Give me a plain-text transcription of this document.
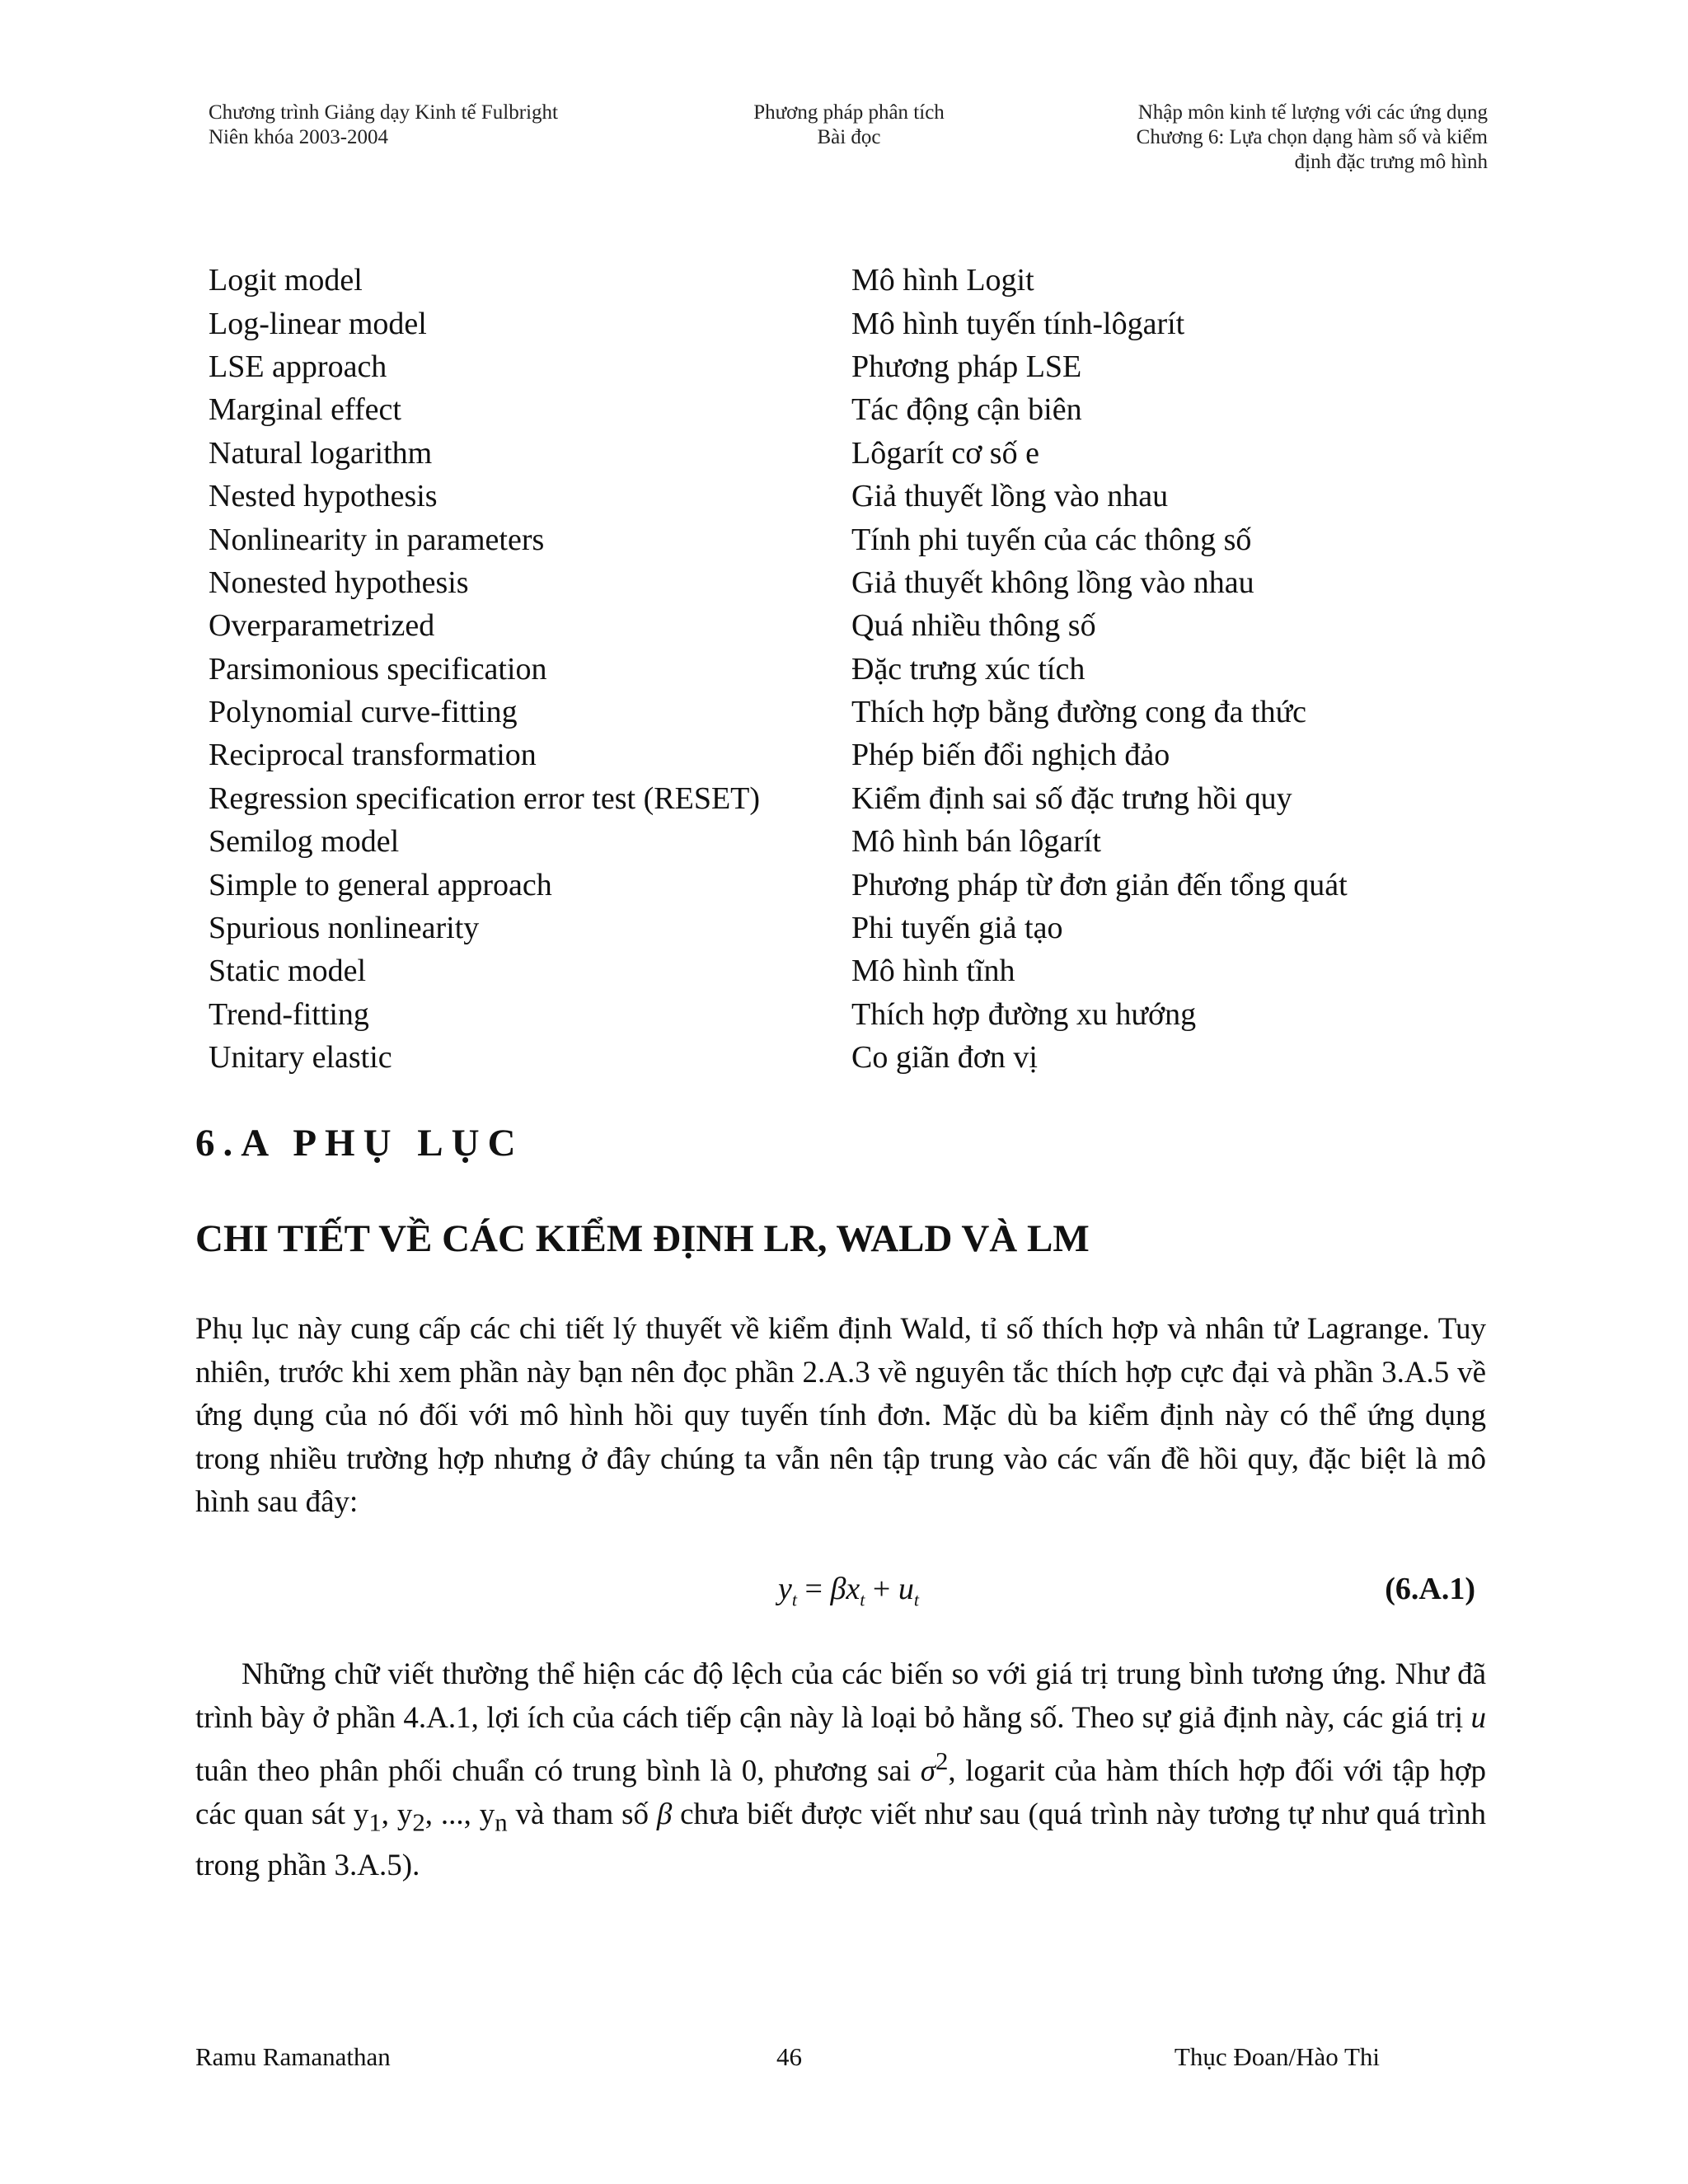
Chương trình Giảng dạy Kinh tế Fulbright
Niên khóa 2003-2004
Phương pháp phân tích
Bài đọc
Nhập môn kinh tế lượng với các ứng dụng
Chương 6: Lựa chọn dạng hàm số và kiểm
định đặc trưng mô hình
Logit model	Mô hình Logit
Log-linear model	Mô hình tuyến tính-lôgarít
LSE approach	Phương pháp LSE
Marginal effect	Tác động cận biên
Natural logarithm	Lôgarít cơ số e
Nested hypothesis	Giả thuyết lồng vào nhau
Nonlinearity in parameters	Tính phi tuyến của các thông số
Nonested hypothesis	Giả thuyết không lồng vào nhau
Overparametrized	Quá nhiều thông số
Parsimonious specification	Đặc trưng xúc tích
Polynomial curve-fitting	Thích hợp bằng đường cong đa thức
Reciprocal transformation	Phép biến đổi nghịch đảo
Regression specification error test (RESET)	Kiểm định sai số đặc trưng hồi quy
Semilog model	Mô hình bán lôgarít
Simple to general approach	Phương pháp từ đơn giản đến tổng quát
Spurious nonlinearity	Phi tuyến giả tạo
Static model	Mô hình tĩnh
Trend-fitting	Thích hợp đường xu hướng
Unitary elastic	Co giãn đơn vị
6.A PHỤ LỤC
CHI TIẾT VỀ CÁC KIỂM ĐỊNH LR, WALD VÀ LM
Phụ lục này cung cấp các chi tiết lý thuyết về kiểm định Wald, tỉ số thích hợp và nhân tử Lagrange. Tuy nhiên, trước khi xem phần này bạn nên đọc phần 2.A.3 về nguyên tắc thích hợp cực đại và phần 3.A.5 về ứng dụng của nó đối với mô hình hồi quy tuyến tính đơn. Mặc dù ba kiểm định này có thể ứng dụng trong nhiều trường hợp nhưng ở đây chúng ta vẫn nên tập trung vào các vấn đề hồi quy, đặc biệt là mô hình sau đây:
$y_t = \beta x_t + u_t$	(6.A.1)
Những chữ viết thường thể hiện các độ lệch của các biến so với giá trị trung bình tương ứng. Như đã trình bày ở phần 4.A.1, lợi ích của cách tiếp cận này là loại bỏ hằng số. Theo sự giả định này, các giá trị u tuân theo phân phối chuẩn có trung bình là 0, phương sai $\sigma^2$, logarit của hàm thích hợp đối với tập hợp các quan sát $y_1$, $y_2$, ..., $y_n$ và tham số β chưa biết được viết như sau (quá trình này tương tự như quá trình trong phần 3.A.5).
Ramu Ramanathan	46	Thục Đoan/Hào Thi
